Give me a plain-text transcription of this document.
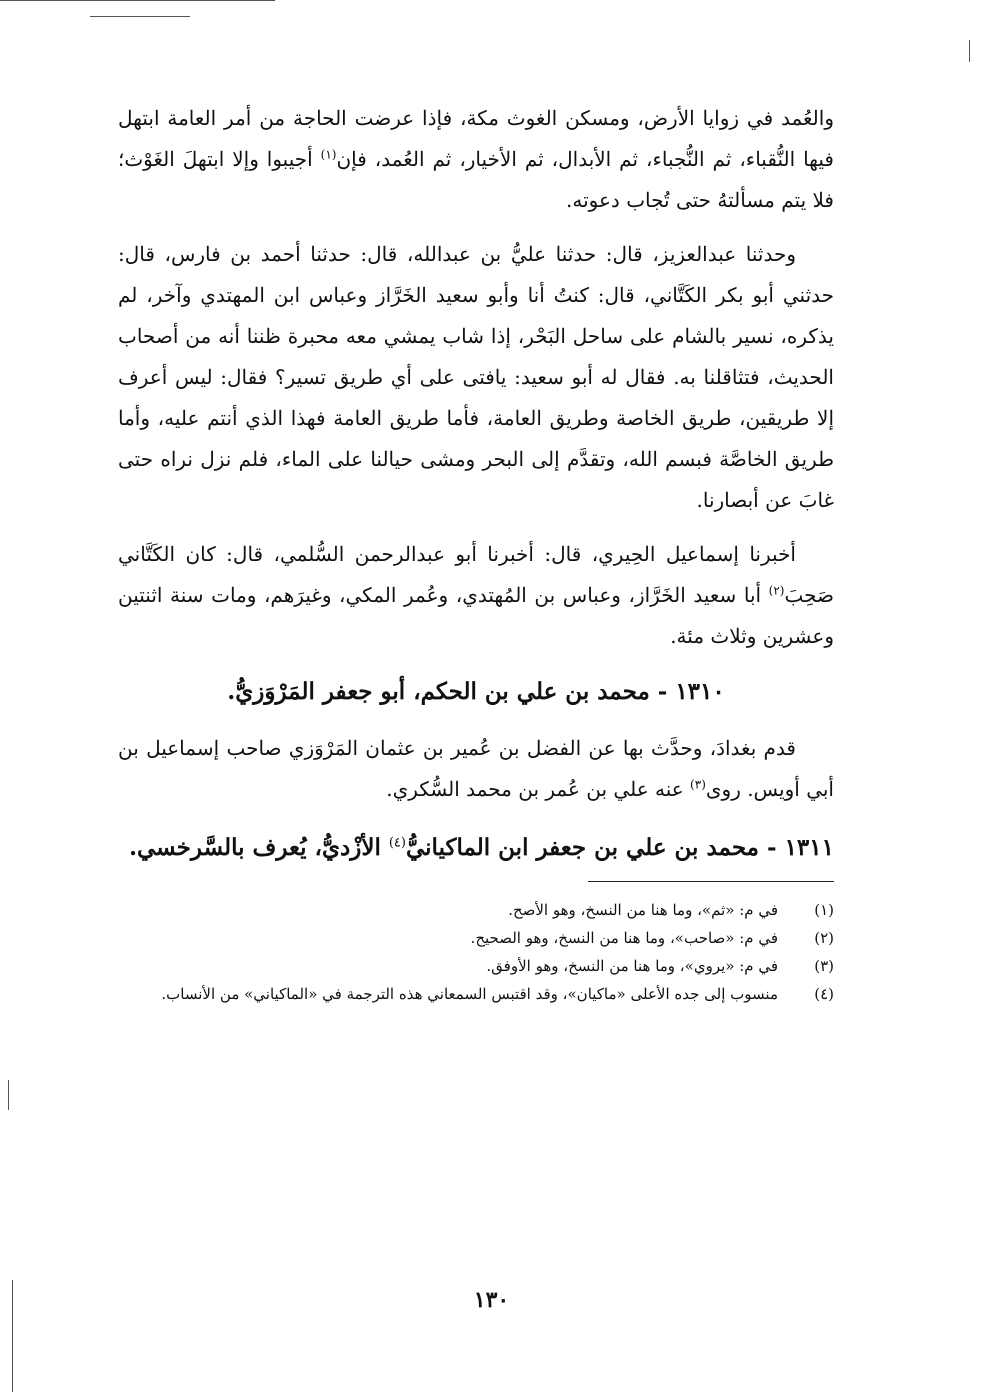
والعُمد في زوايا الأرض، ومسكن الغوث مكة، فإذا عرضت الحاجة من أمر العامة ابتهل فيها النُّقباء، ثم النُّجباء، ثم الأبدال، ثم الأخيار، ثم العُمد، فإن$^{(١)}$ أجيبوا وإلا ابتهلَ الغَوْث؛ فلا يتم مسألتهُ حتى تُجاب دعوته.

وحدثنا عبدالعزيز، قال: حدثنا عليُّ بن عبدالله، قال: حدثنا أحمد بن فارس، قال: حدثني أبو بكر الكَتَّاني، قال: كنتُ أنا وأبو سعيد الخَرَّاز وعباس ابن المهتدي وآخر، لم يذكره، نسير بالشام على ساحل البَحْر، إذا شاب يمشي معه محبرة ظننا أنه من أصحاب الحديث، فتثاقلنا به. فقال له أبو سعيد: يافتى على أي طريق تسير؟ فقال: ليس أعرف إلا طريقين، طريق الخاصة وطريق العامة، فأما طريق العامة فهذا الذي أنتم عليه، وأما طريق الخاصَّة فبسم الله، وتقدَّم إلى البحر ومشى حيالنا على الماء، فلم نزل نراه حتى غابَ عن أبصارنا.

أخبرنا إسماعيل الحِيري، قال: أخبرنا أبو عبدالرحمن السُّلمي، قال: كان الكَتَّاني صَحِبَ$^{(٢)}$ أبا سعيد الخَرَّاز، وعباس بن المُهتدي، وعُمر المكي، وغيرَهم، ومات سنة اثنتين وعشرين وثلاث مئة.

١٣١٠ - محمد بن علي بن الحكم، أبو جعفر المَرْوَزيُّ.

قدم بغدادَ، وحدَّث بها عن الفضل بن عُمير بن عثمان المَرْوَزي صاحب إسماعيل بن أبي أويس. روى$^{(٣)}$ عنه علي بن عُمر بن محمد السُّكري.

١٣١١ - محمد بن علي بن جعفر ابن الماكيانيُّ$^{(٤)}$ الأزْديُّ، يُعرف بالسَّرخسي.
(١)
في م: «ثم»، وما هنا من النسخ، وهو الأصح.
(٢)
في م: «صاحب»، وما هنا من النسخ، وهو الصحيح.
(٣)
في م: «يروي»، وما هنا من النسخ، وهو الأوفق.
(٤)
منسوب إلى جده الأعلى «ماكيان»، وقد اقتبس السمعاني هذه الترجمة في «الماكياني» من الأنساب.
١٣٠
